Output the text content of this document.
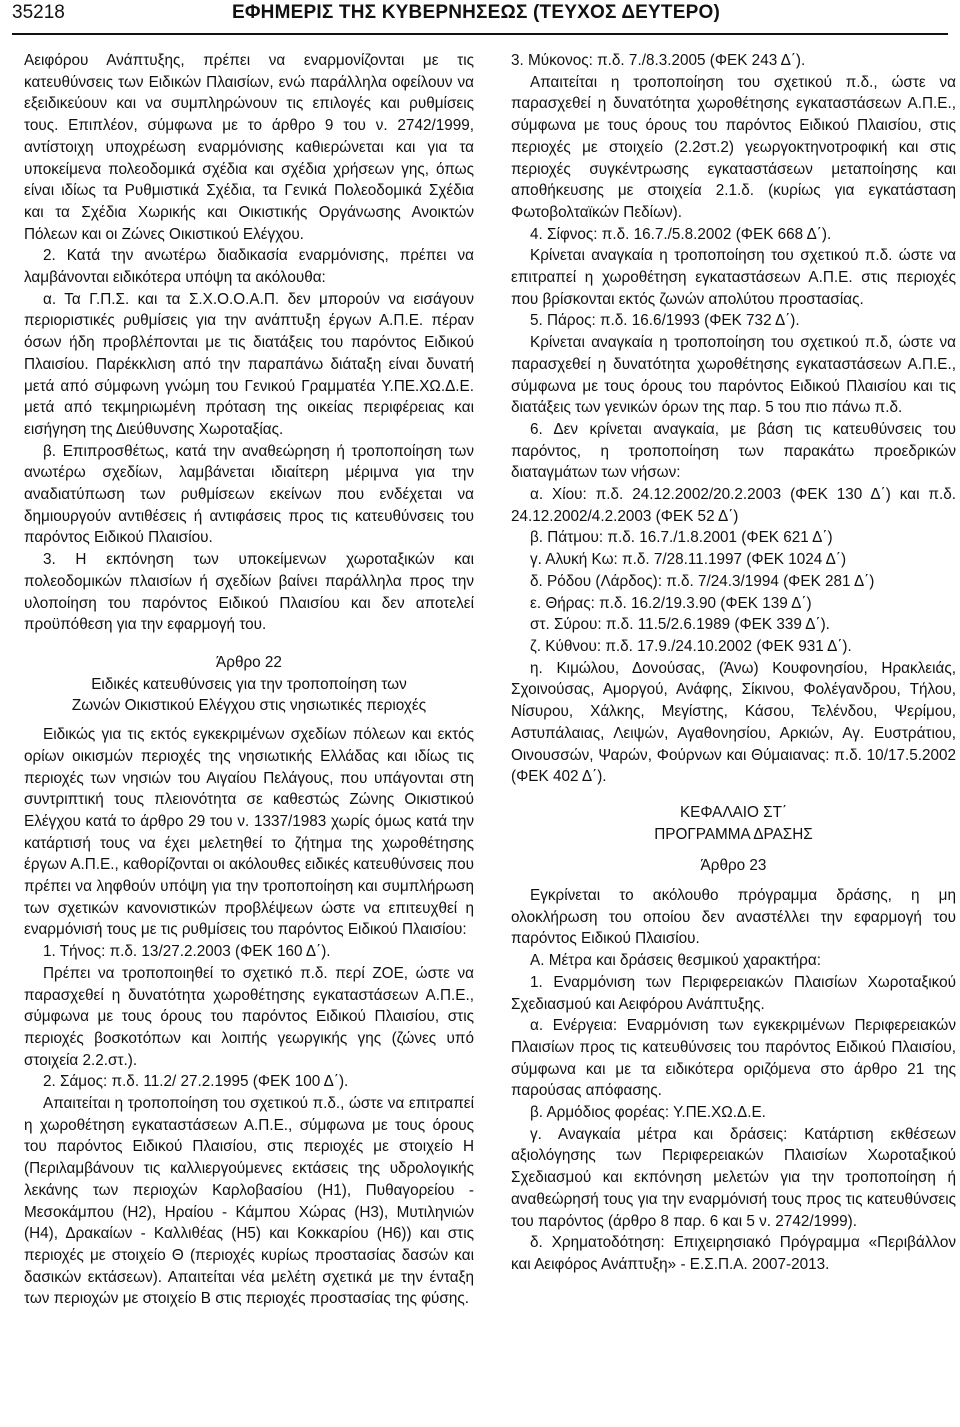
35218	ΕΦΗΜΕΡΙΣ ΤΗΣ ΚΥΒΕΡΝΗΣΕΩΣ (ΤΕΥΧΟΣ ΔΕΥΤΕΡΟ)

Αειφόρου Ανάπτυξης, πρέπει να εναρμονίζονται με τις κατευθύνσεις των Ειδικών Πλαισίων, ενώ παράλληλα οφείλουν να εξειδικεύουν και να συμπληρώνουν τις επιλογές και ρυθμίσεις τους. Επιπλέον, σύμφωνα με το άρθρο 9 του ν. 2742/1999, αντίστοιχη υποχρέωση εναρμόνισης καθιερώνεται και για τα υποκείμενα πολεοδομικά σχέδια και σχέδια χρήσεων γης, όπως είναι ιδίως τα Ρυθμιστικά Σχέδια, τα Γενικά Πολεοδομικά Σχέδια και τα Σχέδια Χωρικής και Οικιστικής Οργάνωσης Ανοικτών Πόλεων και οι Ζώνες Οικιστικού Ελέγχου.

2. Κατά την ανωτέρω διαδικασία εναρμόνισης, πρέπει να λαμβάνονται ειδικότερα υπόψη τα ακόλουθα:

α. Τα Γ.Π.Σ. και τα Σ.Χ.Ο.Ο.Α.Π. δεν μπορούν να εισάγουν περιοριστικές ρυθμίσεις για την ανάπτυξη έργων Α.Π.Ε. πέραν όσων ήδη προβλέπονται με τις διατάξεις του παρόντος Ειδικού Πλαισίου. Παρέκκλιση από την παραπάνω διάταξη είναι δυνατή μετά από σύμφωνη γνώμη του Γενικού Γραμματέα Υ.ΠΕ.ΧΩ.Δ.Ε. μετά από τεκμηριωμένη πρόταση της οικείας περιφέρειας και εισήγηση της Διεύθυνσης Χωροταξίας.

β. Επιπροσθέτως, κατά την αναθεώρηση ή τροποποίηση των ανωτέρω σχεδίων, λαμβάνεται ιδιαίτερη μέριμνα για την αναδιατύπωση των ρυθμίσεων εκείνων που ενδέχεται να δημιουργούν αντιθέσεις ή αντιφάσεις προς τις κατευθύνσεις του παρόντος Ειδικού Πλαισίου.

3. Η εκπόνηση των υποκείμενων χωροταξικών και πολεοδομικών πλαισίων ή σχεδίων βαίνει παράλληλα προς την υλοποίηση του παρόντος Ειδικού Πλαισίου και δεν αποτελεί προϋπόθεση για την εφαρμογή του.

Άρθρο 22

Ειδικές κατευθύνσεις για την τροποποίηση των

Ζωνών Οικιστικού Ελέγχου στις νησιωτικές περιοχές

Ειδικώς για τις εκτός εγκεκριμένων σχεδίων πόλεων και εκτός ορίων οικισμών περιοχές της νησιωτικής Ελλάδας και ιδίως τις περιοχές των νησιών του Αιγαίου Πελάγους, που υπάγονται στη συντριπτική τους πλειονότητα σε καθεστώς Ζώνης Οικιστικού Ελέγχου κατά το άρθρο 29 του ν. 1337/1983 χωρίς όμως κατά την κατάρτισή τους να έχει μελετηθεί το ζήτημα της χωροθέτησης έργων Α.Π.Ε., καθορίζονται οι ακόλουθες ειδικές κατευθύνσεις που πρέπει να ληφθούν υπόψη για την τροποποίηση και συμπλήρωση των σχετικών κανονιστικών προβλέψεων ώστε να επιτευχθεί η εναρμόνισή τους με τις ρυθμίσεις του παρόντος Ειδικού Πλαισίου:

1. Τήνος: π.δ. 13/27.2.2003 (ΦΕΚ 160 Δ΄).

Πρέπει να τροποποιηθεί το σχετικό π.δ. περί ΖΟΕ, ώστε να παρασχεθεί η δυνατότητα χωροθέτησης εγκαταστάσεων Α.Π.Ε., σύμφωνα με τους όρους του παρόντος Ειδικού Πλαισίου, στις περιοχές βοσκοτόπων και λοιπής γεωργικής γης (ζώνες υπό στοιχεία 2.2.στ.).

2. Σάμος: π.δ. 11.2/ 27.2.1995 (ΦΕΚ 100 Δ΄).

Απαιτείται η τροποποίηση του σχετικού π.δ., ώστε να επιτραπεί η χωροθέτηση εγκαταστάσεων Α.Π.Ε., σύμφωνα με τους όρους του παρόντος Ειδικού Πλαισίου, στις περιοχές με στοιχείο Η (Περιλαμβάνουν τις καλλιεργούμενες εκτάσεις της υδρολογικής λεκάνης των περιοχών Καρλοβασίου (Η1), Πυθαγορείου - Μεσοκάμπου (Η2), Ηραίου - Κάμπου Χώρας (Η3), Μυτιληνιών (Η4), Δρακαίων - Καλλιθέας (Η5) και Κοκκαρίου (Η6)) και στις περιοχές με στοιχείο Θ (περιοχές κυρίως προστασίας δασών και δασικών εκτάσεων). Απαιτείται νέα μελέτη σχετικά με την ένταξη των περιοχών με στοιχείο Β στις περιοχές προστασίας της φύσης.

3. Μύκονος: π.δ. 7./8.3.2005 (ΦΕΚ 243 Δ΄).

Απαιτείται η τροποποίηση του σχετικού π.δ., ώστε να παρασχεθεί η δυνατότητα χωροθέτησης εγκαταστάσεων Α.Π.Ε., σύμφωνα με τους όρους του παρόντος Ειδικού Πλαισίου, στις περιοχές με στοιχείο (2.2στ.2) γεωργοκτηνοτροφική και στις περιοχές συγκέντρωσης εγκαταστάσεων μεταποίησης και αποθήκευσης με στοιχεία 2.1.δ. (κυρίως για εγκατάσταση Φωτοβολταϊκών Πεδίων).

4. Σίφνος: π.δ. 16.7./5.8.2002 (ΦΕΚ 668 Δ΄).

Κρίνεται αναγκαία η τροποποίηση του σχετικού π.δ. ώστε να επιτραπεί η χωροθέτηση εγκαταστάσεων Α.Π.Ε. στις περιοχές που βρίσκονται εκτός ζωνών απολύτου προστασίας.

5. Πάρος: π.δ. 16.6/1993 (ΦΕΚ 732 Δ΄).

Κρίνεται αναγκαία η τροποποίηση του σχετικού π.δ, ώστε να παρασχεθεί η δυνατότητα χωροθέτησης εγκαταστάσεων Α.Π.Ε., σύμφωνα με τους όρους του παρόντος Ειδικού Πλαισίου και τις διατάξεις των γενικών όρων της παρ. 5 του πιο πάνω π.δ.

6. Δεν κρίνεται αναγκαία, με βάση τις κατευθύνσεις του παρόντος, η τροποποίηση των παρακάτω προεδρικών διαταγμάτων των νήσων:

α. Χίου: π.δ. 24.12.2002/20.2.2003 (ΦΕΚ 130 Δ΄) και π.δ. 24.12.2002/4.2.2003 (ΦΕΚ 52 Δ΄)

β. Πάτμου: π.δ. 16.7./1.8.2001 (ΦΕΚ 621 Δ΄)

γ. Αλυκή Κω: π.δ. 7/28.11.1997 (ΦΕΚ 1024 Δ΄)

δ. Ρόδου (Λάρδος): π.δ. 7/24.3/1994 (ΦΕΚ 281 Δ΄)

ε. Θήρας: π.δ. 16.2/19.3.90 (ΦΕΚ 139 Δ΄)

στ. Σύρου: π.δ. 11.5/2.6.1989 (ΦΕΚ 339 Δ΄).

ζ. Κύθνου: π.δ. 17.9./24.10.2002 (ΦΕΚ 931 Δ΄).

η. Κιμώλου, Δονούσας, (Άνω) Κουφονησίου, Ηρακλειάς, Σχοινούσας, Αμοργού, Ανάφης, Σίκινου, Φολέγανδρου, Τήλου, Νίσυρου, Χάλκης, Μεγίστης, Κάσου, Τελένδου, Ψερίμου, Αστυπάλαιας, Λειψών, Αγαθονησίου, Αρκιών, Αγ. Ευστράτιου, Οινουσσών, Ψαρών, Φούρνων και Θύμαιανας: π.δ. 10/17.5.2002 (ΦΕΚ 402 Δ΄).

ΚΕΦΑΛΑΙΟ ΣΤ΄

ΠΡΟΓΡΑΜΜΑ ΔΡΑΣΗΣ

Άρθρο 23

Εγκρίνεται το ακόλουθο πρόγραμμα δράσης, η μη ολοκλήρωση του οποίου δεν αναστέλλει την εφαρμογή του παρόντος Ειδικού Πλαισίου.

Α. Μέτρα και δράσεις θεσμικού χαρακτήρα:

1. Εναρμόνιση των Περιφερειακών Πλαισίων Χωροταξικού Σχεδιασμού και Αειφόρου Ανάπτυξης.

α. Ενέργεια: Εναρμόνιση των εγκεκριμένων Περιφερειακών Πλαισίων προς τις κατευθύνσεις του παρόντος Ειδικού Πλαισίου, σύμφωνα και με τα ειδικότερα οριζόμενα στο άρθρο 21 της παρούσας απόφασης.

β. Αρμόδιος φορέας: Υ.ΠΕ.ΧΩ.Δ.Ε.

γ. Αναγκαία μέτρα και δράσεις: Κατάρτιση εκθέσεων αξιολόγησης των Περιφερειακών Πλαισίων Χωροταξικού Σχεδιασμού και εκπόνηση μελετών για την τροποποίηση ή αναθεώρησή τους για την εναρμόνισή τους προς τις κατευθύνσεις του παρόντος (άρθρο 8 παρ. 6 και 5 ν. 2742/1999).

δ. Χρηματοδότηση: Επιχειρησιακό Πρόγραμμα «Περιβάλλον και Αειφόρος Ανάπτυξη» - Ε.Σ.Π.Α. 2007-2013.
